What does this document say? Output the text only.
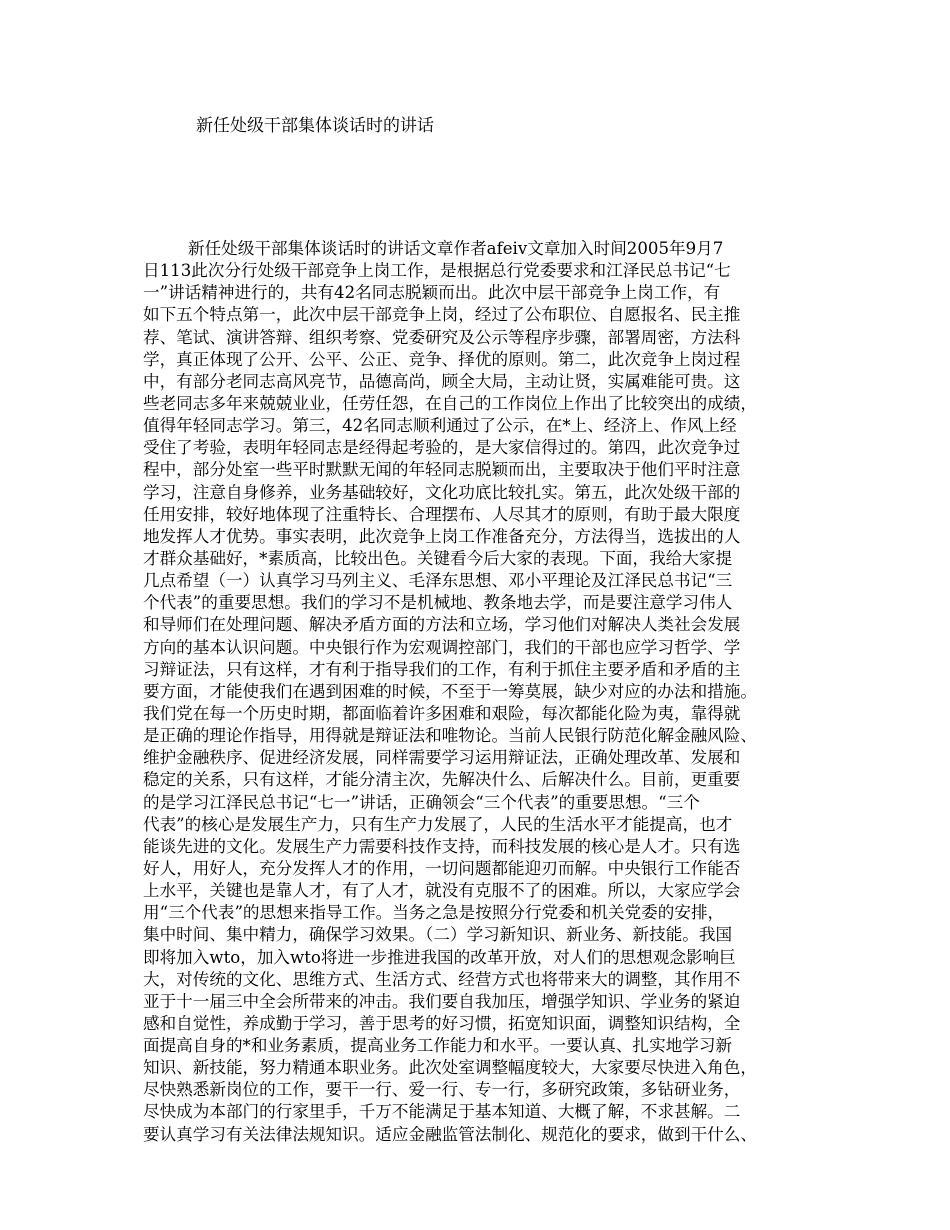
新任处级干部集体谈话时的讲话
新任处级干部集体谈话时的讲话文章作者afeiv文章加入时间2005年9月7
日113此次分行处级干部竞争上岗工作，是根据总行党委要求和江泽民总书记“七
一”讲话精神进行的，共有42名同志脱颖而出。此次中层干部竞争上岗工作，有
如下五个特点第一，此次中层干部竞争上岗，经过了公布职位、自愿报名、民主推
荐、笔试、演讲答辩、组织考察、党委研究及公示等程序步骤，部署周密，方法科
学，真正体现了公开、公平、公正、竞争、择优的原则。第二，此次竞争上岗过程
中，有部分老同志高风亮节，品德高尚，顾全大局，主动让贤，实属难能可贵。这
些老同志多年来兢兢业业，任劳任怨，在自己的工作岗位上作出了比较突出的成绩，
值得年轻同志学习。第三，42名同志顺利通过了公示，在*上、经济上、作风上经
受住了考验，表明年轻同志是经得起考验的，是大家信得过的。第四，此次竞争过
程中，部分处室一些平时默默无闻的年轻同志脱颖而出，主要取决于他们平时注意
学习，注意自身修养，业务基础较好，文化功底比较扎实。第五，此次处级干部的
任用安排，较好地体现了注重特长、合理摆布、人尽其才的原则，有助于最大限度
地发挥人才优势。事实表明，此次竞争上岗工作准备充分，方法得当，选拔出的人
才群众基础好，*素质高，比较出色。关键看今后大家的表现。下面，我给大家提
几点希望（一）认真学习马列主义、毛泽东思想、邓小平理论及江泽民总书记“三
个代表”的重要思想。我们的学习不是机械地、教条地去学，而是要注意学习伟人
和导师们在处理问题、解决矛盾方面的方法和立场，学习他们对解决人类社会发展
方向的基本认识问题。中央银行作为宏观调控部门，我们的干部也应学习哲学、学
习辩证法，只有这样，才有利于指导我们的工作，有利于抓住主要矛盾和矛盾的主
要方面，才能使我们在遇到困难的时候，不至于一筹莫展，缺少对应的办法和措施。
我们党在每一个历史时期，都面临着许多困难和艰险，每次都能化险为夷，靠得就
是正确的理论作指导，用得就是辩证法和唯物论。当前人民银行防范化解金融风险、
维护金融秩序、促进经济发展，同样需要学习运用辩证法，正确处理改革、发展和
稳定的关系，只有这样，才能分清主次，先解决什么、后解决什么。目前，更重要
的是学习江泽民总书记“七一”讲话，正确领会“三个代表”的重要思想。“三个
代表”的核心是发展生产力，只有生产力发展了，人民的生活水平才能提高，也才
能谈先进的文化。发展生产力需要科技作支持，而科技发展的核心是人才。只有选
好人，用好人，充分发挥人才的作用，一切问题都能迎刃而解。中央银行工作能否
上水平，关键也是靠人才，有了人才，就没有克服不了的困难。所以，大家应学会
用“三个代表”的思想来指导工作。当务之急是按照分行党委和机关党委的安排，
集中时间、集中精力，确保学习效果。（二）学习新知识、新业务、新技能。我国
即将加入wto，加入wto将进一步推进我国的改革开放，对人们的思想观念影响巨
大，对传统的文化、思维方式、生活方式、经营方式也将带来大的调整，其作用不
亚于十一届三中全会所带来的冲击。我们要自我加压，增强学知识、学业务的紧迫
感和自觉性，养成勤于学习，善于思考的好习惯，拓宽知识面，调整知识结构，全
面提高自身的*和业务素质，提高业务工作能力和水平。一要认真、扎实地学习新
知识、新技能，努力精通本职业务。此次处室调整幅度较大，大家要尽快进入角色，
尽快熟悉新岗位的工作，要干一行、爱一行、专一行，多研究政策，多钻研业务，
尽快成为本部门的行家里手，千万不能满足于基本知道、大概了解，不求甚解。二
要认真学习有关法律法规知识。适应金融监管法制化、规范化的要求，做到干什么、
